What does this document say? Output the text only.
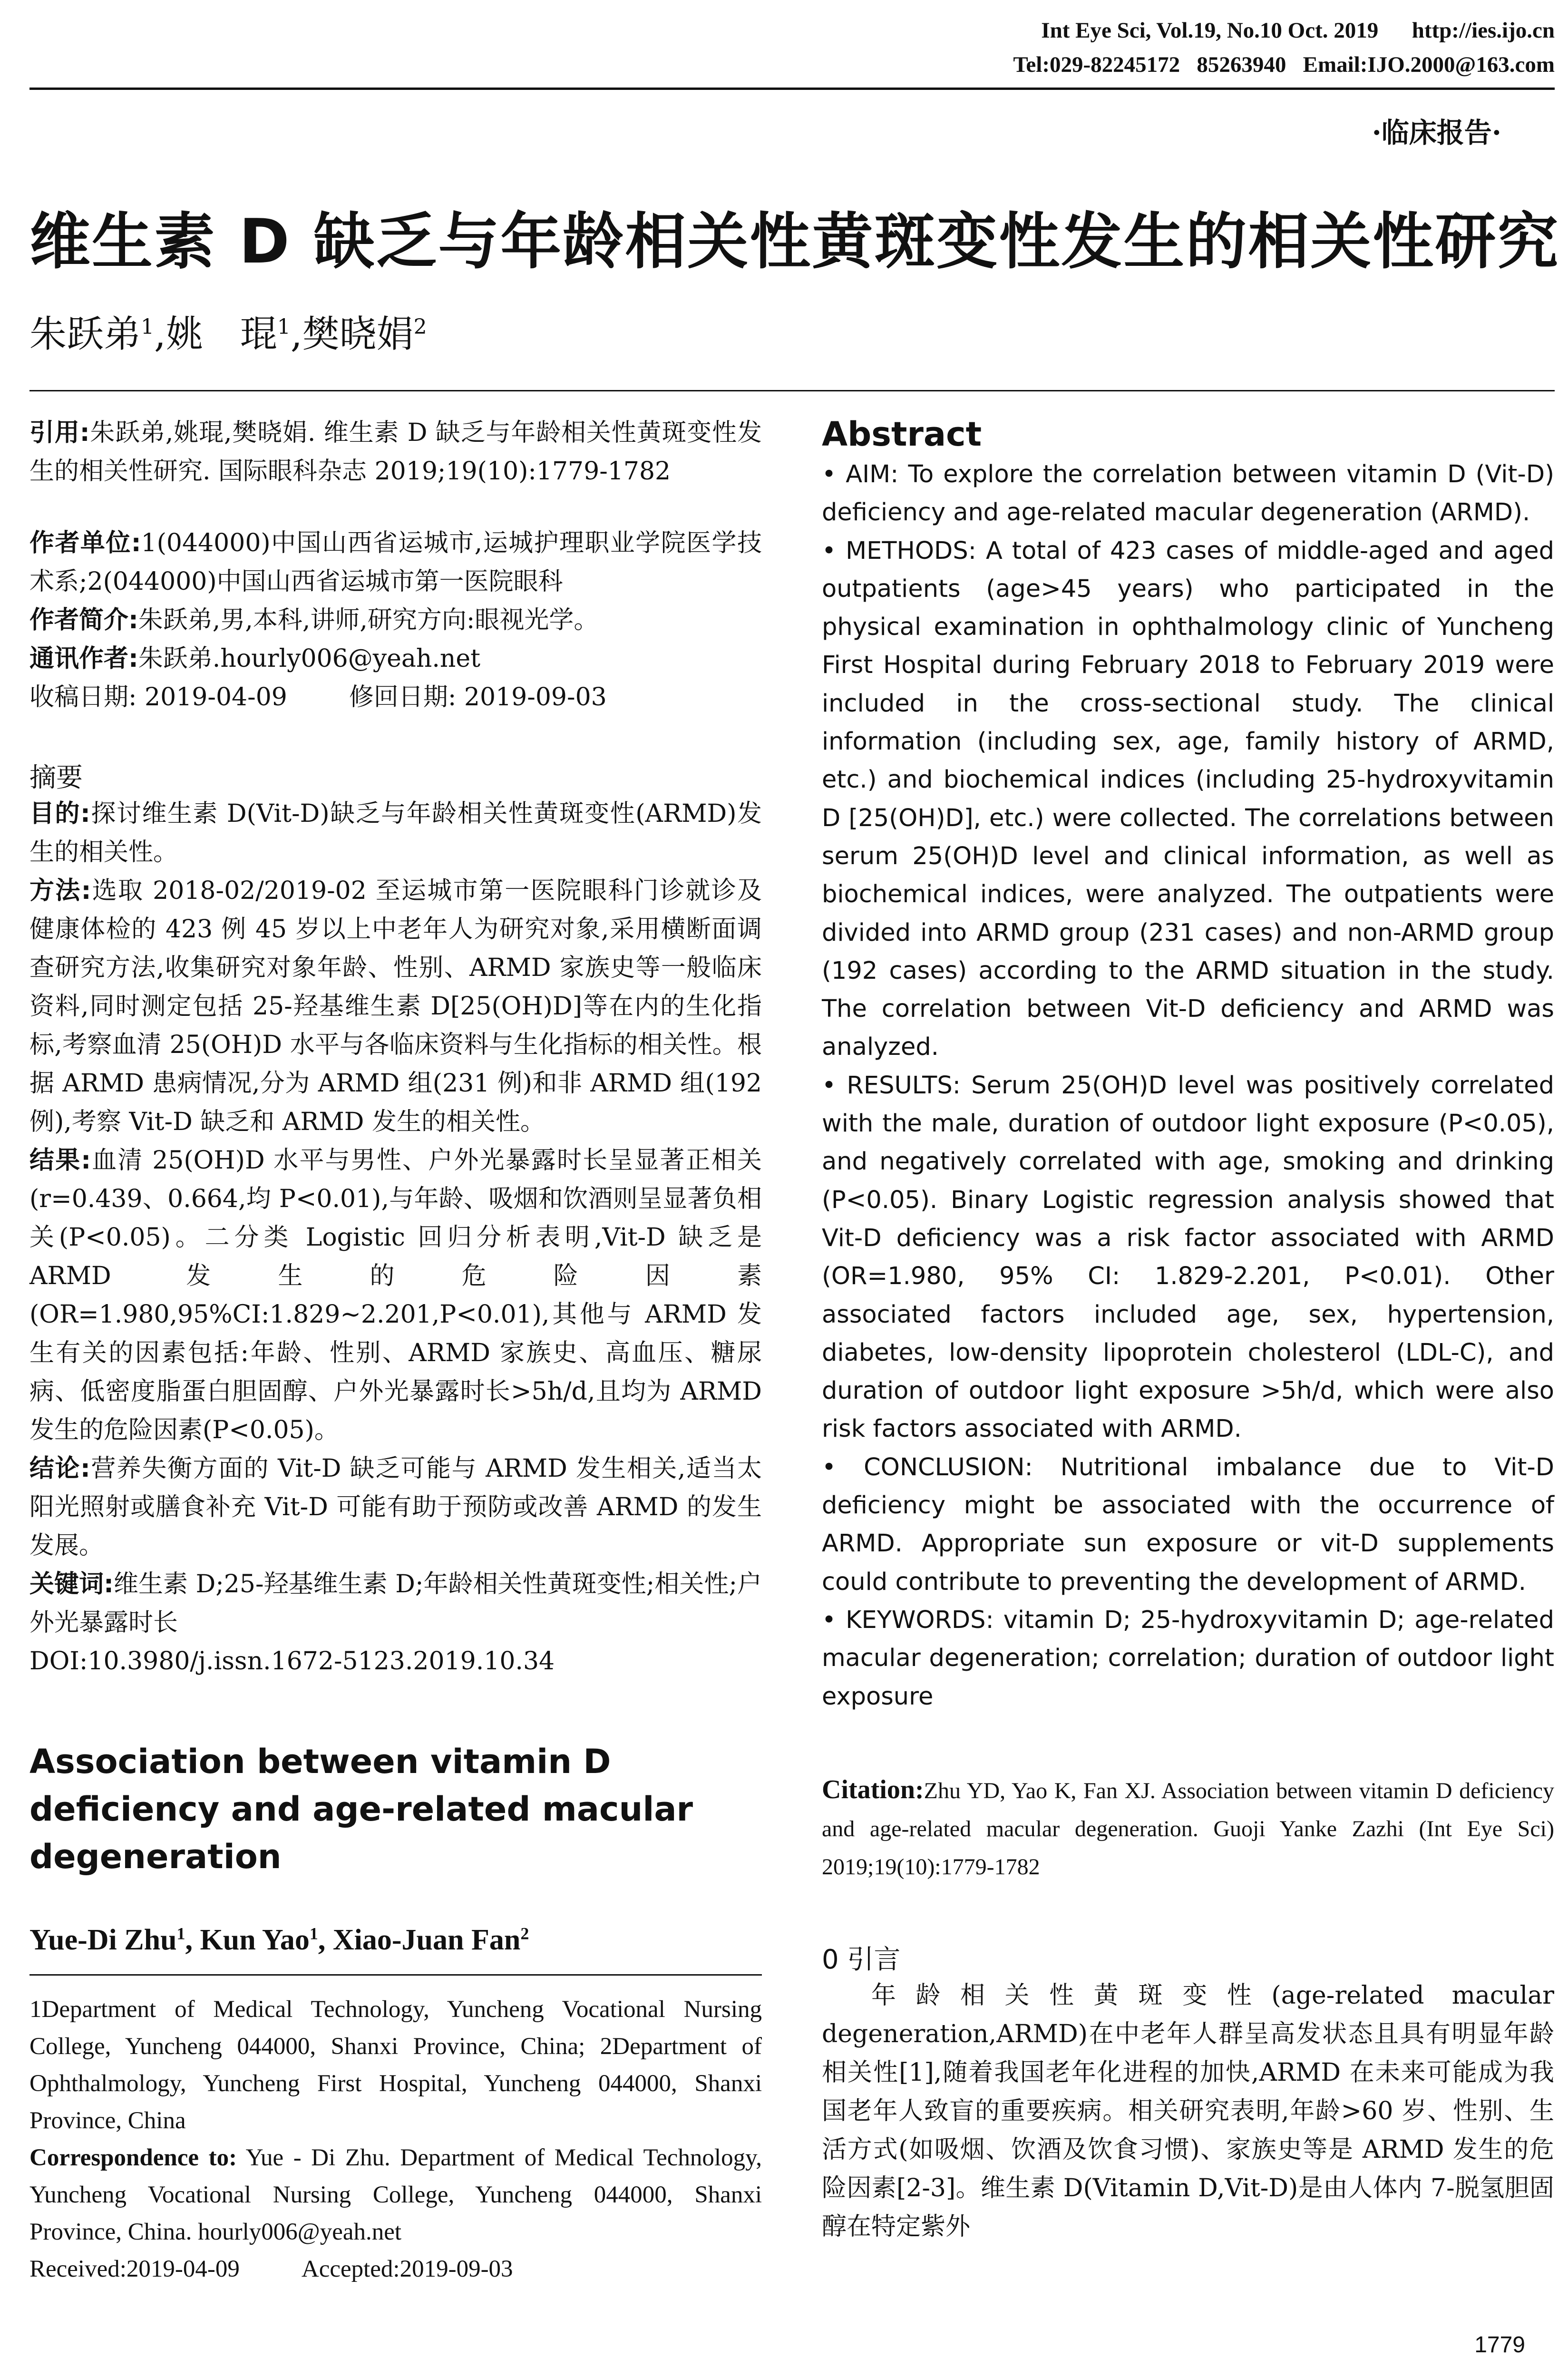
Int Eye Sci, Vol.19, No.10 Oct. 2019      http://ies.ijo.cn
Tel:029-82245172   85263940   Email:IJO.2000@163.com
·临床报告·
维生素 D 缺乏与年龄相关性黄斑变性发生的相关性研究
朱跃弟$^1$,姚　琨$^1$,樊晓娟$^2$

引用:朱跃弟,姚琨,樊晓娟. 维生素 D 缺乏与年龄相关性黄斑变性发生的相关性研究. 国际眼科杂志 2019;19(10):1779-1782

作者单位:1(044000)中国山西省运城市,运城护理职业学院医学技术系;2(044000)中国山西省运城市第一医院眼科

作者简介:朱跃弟,男,本科,讲师,研究方向:眼视光学。

通讯作者:朱跃弟.hourly006@yeah.net

收稿日期: 2019-04-09	修回日期: 2019-09-03

摘要

目的:探讨维生素 D(Vit-D)缺乏与年龄相关性黄斑变性(ARMD)发生的相关性。

方法:选取 2018-02/2019-02 至运城市第一医院眼科门诊就诊及健康体检的 423 例 45 岁以上中老年人为研究对象,采用横断面调查研究方法,收集研究对象年龄、性别、ARMD 家族史等一般临床资料,同时测定包括 25-羟基维生素 D[25(OH)D]等在内的生化指标,考察血清 25(OH)D 水平与各临床资料与生化指标的相关性。根据 ARMD 患病情况,分为 ARMD 组(231 例)和非 ARMD 组(192 例),考察 Vit-D 缺乏和 ARMD 发生的相关性。

结果:血清 25(OH)D 水平与男性、户外光暴露时长呈显著正相关(r=0.439、0.664,均 P<0.01),与年龄、吸烟和饮酒则呈显著负相关(P<0.05)。二分类 Logistic 回归分析表明,Vit-D 缺乏是 ARMD 发生的危险因素(OR=1.980,95%CI:1.829~2.201,P<0.01),其他与 ARMD 发生有关的因素包括:年龄、性别、ARMD 家族史、高血压、糖尿病、低密度脂蛋白胆固醇、户外光暴露时长>5h/d,且均为 ARMD 发生的危险因素(P<0.05)。

结论:营养失衡方面的 Vit-D 缺乏可能与 ARMD 发生相关,适当太阳光照射或膳食补充 Vit-D 可能有助于预防或改善 ARMD 的发生发展。

关键词:维生素 D;25-羟基维生素 D;年龄相关性黄斑变性;相关性;户外光暴露时长

DOI:10.3980/j.issn.1672-5123.2019.10.34

Association between vitamin D deficiency and age-related macular degeneration

Yue-Di Zhu$^1$, Kun Yao$^1$, Xiao-Juan Fan$^2$

1Department of Medical Technology, Yuncheng Vocational Nursing College, Yuncheng 044000, Shanxi Province, China; 2Department of Ophthalmology, Yuncheng First Hospital, Yuncheng 044000, Shanxi Province, China

Correspondence to: Yue - Di Zhu. Department of Medical Technology, Yuncheng Vocational Nursing College, Yuncheng 044000, Shanxi Province, China. hourly006@yeah.net

Received:2019-04-09	Accepted:2019-09-03

Abstract

• AIM: To explore the correlation between vitamin D (Vit-D) deficiency and age-related macular degeneration (ARMD).

• METHODS: A total of 423 cases of middle-aged and aged outpatients (age>45 years) who participated in the physical examination in ophthalmology clinic of Yuncheng First Hospital during February 2018 to February 2019 were included in the cross-sectional study. The clinical information (including sex, age, family history of ARMD, etc.) and biochemical indices (including 25-hydroxyvitamin D [25(OH)D], etc.) were collected. The correlations between serum 25(OH)D level and clinical information, as well as biochemical indices, were analyzed. The outpatients were divided into ARMD group (231 cases) and non-ARMD group (192 cases) according to the ARMD situation in the study. The correlation between Vit-D deficiency and ARMD was analyzed.

• RESULTS: Serum 25(OH)D level was positively correlated with the male, duration of outdoor light exposure (P<0.05), and negatively correlated with age, smoking and drinking (P<0.05). Binary Logistic regression analysis showed that Vit-D deficiency was a risk factor associated with ARMD (OR=1.980, 95% CI: 1.829-2.201, P<0.01). Other associated factors included age, sex, hypertension, diabetes, low-density lipoprotein cholesterol (LDL-C), and duration of outdoor light exposure >5h/d, which were also risk factors associated with ARMD.

• CONCLUSION: Nutritional imbalance due to Vit-D deficiency might be associated with the occurrence of ARMD. Appropriate sun exposure or vit-D supplements could contribute to preventing the development of ARMD.

• KEYWORDS: vitamin D; 25-hydroxyvitamin D; age-related macular degeneration; correlation; duration of outdoor light exposure

Citation:Zhu YD, Yao K, Fan XJ. Association between vitamin D deficiency and age-related macular degeneration. Guoji Yanke Zazhi (Int Eye Sci) 2019;19(10):1779-1782

0 引言

年龄相关性黄斑变性(age-related macular degeneration,ARMD)在中老年人群呈高发状态且具有明显年龄相关性[1],随着我国老年化进程的加快,ARMD 在未来可能成为我国老年人致盲的重要疾病。相关研究表明,年龄>60 岁、性别、生活方式(如吸烟、饮酒及饮食习惯)、家族史等是 ARMD 发生的危险因素[2-3]。维生素 D(Vitamin D,Vit-D)是由人体内 7-脱氢胆固醇在特定紫外

1779
